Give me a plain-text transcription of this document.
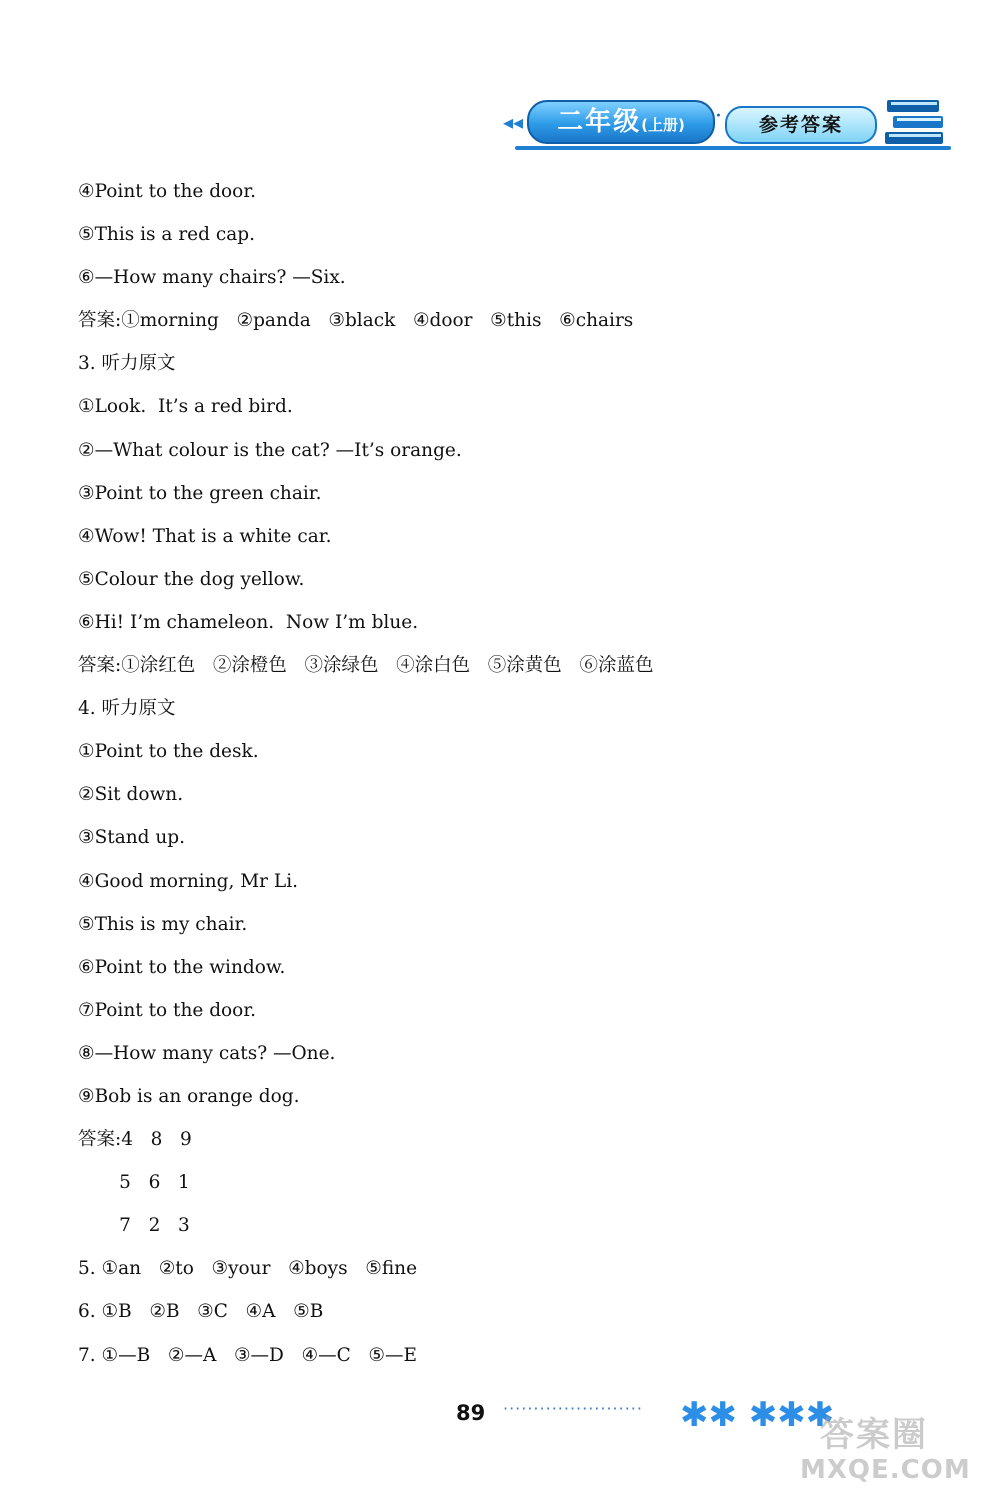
◂◂	二年级(上册)	·	参考答案
④Point to the door.
⑤This is a red cap.
⑥—How many chairs? —Six.
答案:①morning   ②panda   ③black   ④door   ⑤this   ⑥chairs
3. 听力原文
①Look.  It’s a red bird.
②—What colour is the cat? —It’s orange.
③Point to the green chair.
④Wow! That is a white car.
⑤Colour the dog yellow.
⑥Hi! I’m chameleon.  Now I’m blue.
答案:①涂红色   ②涂橙色   ③涂绿色   ④涂白色   ⑤涂黄色   ⑥涂蓝色
4. 听力原文
①Point to the desk.
②Sit down.
③Stand up.
④Good morning, Mr Li.
⑤This is my chair.
⑥Point to the window.
⑦Point to the door.
⑧—How many cats? —One.
⑨Bob is an orange dog.
答案:4   8   9
5   6   1
7   2   3
5. ①an   ②to   ③your   ④boys   ⑤fine
6. ①B   ②B   ③C   ④A   ⑤B
7. ①—B   ②—A   ③—D   ④—C   ⑤—E
89 ······················· ✱✱ ✱✱✱
答案圈
MXQE.COM
